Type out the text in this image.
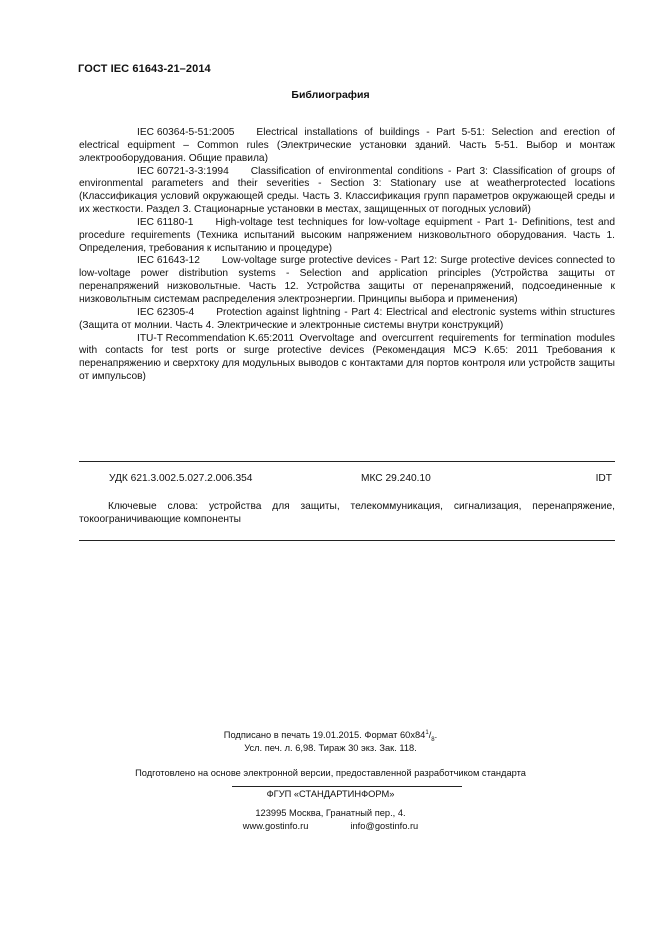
ГОСТ IEC 61643-21–2014
Библиография

IEC 60364-5-51:2005 Electrical installations of buildings - Part 5-51: Selection and erection of electrical equipment – Common rules (Электрические установки зданий. Часть 5-51. Выбор и монтаж электрооборудования. Общие правила)

IEC 60721-3-3:1994 Classification of environmental conditions - Part 3: Classification of groups of environmental parameters and their severities - Section 3: Stationary use at weatherprotected locations (Классификация условий окружающей среды. Часть 3. Классификация групп параметров окружающей среды и их жесткости. Раздел 3. Стационарные установки в местах, защищенных от погодных условий)

IEC 61180-1 High-voltage test techniques for low-voltage equipment - Part 1- Definitions, test and procedure requirements (Техника испытаний высоким напряжением низковольтного оборудования. Часть 1. Определения, требования к испытанию и процедуре)

IEC 61643-12 Low-voltage surge protective devices - Part 12: Surge protective devices connected to low-voltage power distribution systems - Selection and application principles (Устройства защиты от перенапряжений низковольтные. Часть 12. Устройства защиты от перенапряжений, подсоединенные к низковольтным системам распределения электроэнергии. Принципы выбора и применения)

IEC 62305-4 Protection against lightning - Part 4: Electrical and electronic systems within structures (Защита от молнии. Часть 4. Электрические и электронные системы внутри конструкций)

ITU-T Recommendation K.65:2011 Overvoltage and overcurrent requirements for termination modules with contacts for test ports or surge protective devices (Рекомендация МСЭ K.65: 2011 Требования к перенапряжению и сверхтоку для модульных выводов с контактами для портов контроля или устройств защиты от импульсов)

УДК 621.3.002.5.027.2.006.354	МКС 29.240.10	IDT

Ключевые слова: устройства для защиты, телекоммуникация, сигнализация, перенапряжение, токоограничивающие компоненты

Подписано в печать 19.01.2015. Формат $60х84^1/_8$.
Усл. печ. л. 6,98. Тираж 30 экз. Зак. 118.
Подготовлено на основе электронной версии, предоставленной разработчиком стандарта
ФГУП «СТАНДАРТИНФОРМ»
123995 Москва, Гранатный пер., 4.
www.gostinfo.ru	info@gostinfo.ru
